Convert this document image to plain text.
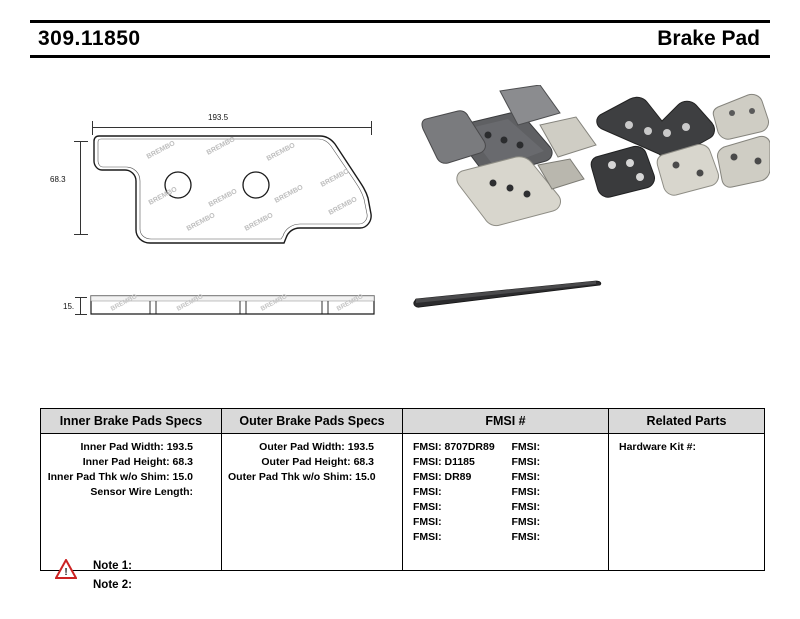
309.11850	Brake Pad
193.5
68.3
15.
BREMBO	BREMBO	BREMBO
BREMBO	BREMBO	BREMBO
BREMBO
BREMBO
BREMBO	BREMBO
BREMBO	BREMBO	BREMBO	BREMBO
Inner Brake Pads Specs	Outer Brake Pads Specs	FMSI #	Related Parts

Inner Pad Width: 193.5
Inner Pad Height: 68.3
Inner Pad Thk w/o Shim: 15.0
Sensor Wire Length:

Outer Pad Width: 193.5
Outer Pad Height: 68.3
Outer Pad Thk w/o Shim: 15.0

FMSI: 8707DR89	FMSI:
FMSI: D1185	FMSI:
FMSI: DR89	FMSI:
FMSI:	FMSI:
FMSI:	FMSI:
FMSI:	FMSI:
FMSI:	FMSI:

Hardware Kit #:
!
Note 1:
Note 2:
